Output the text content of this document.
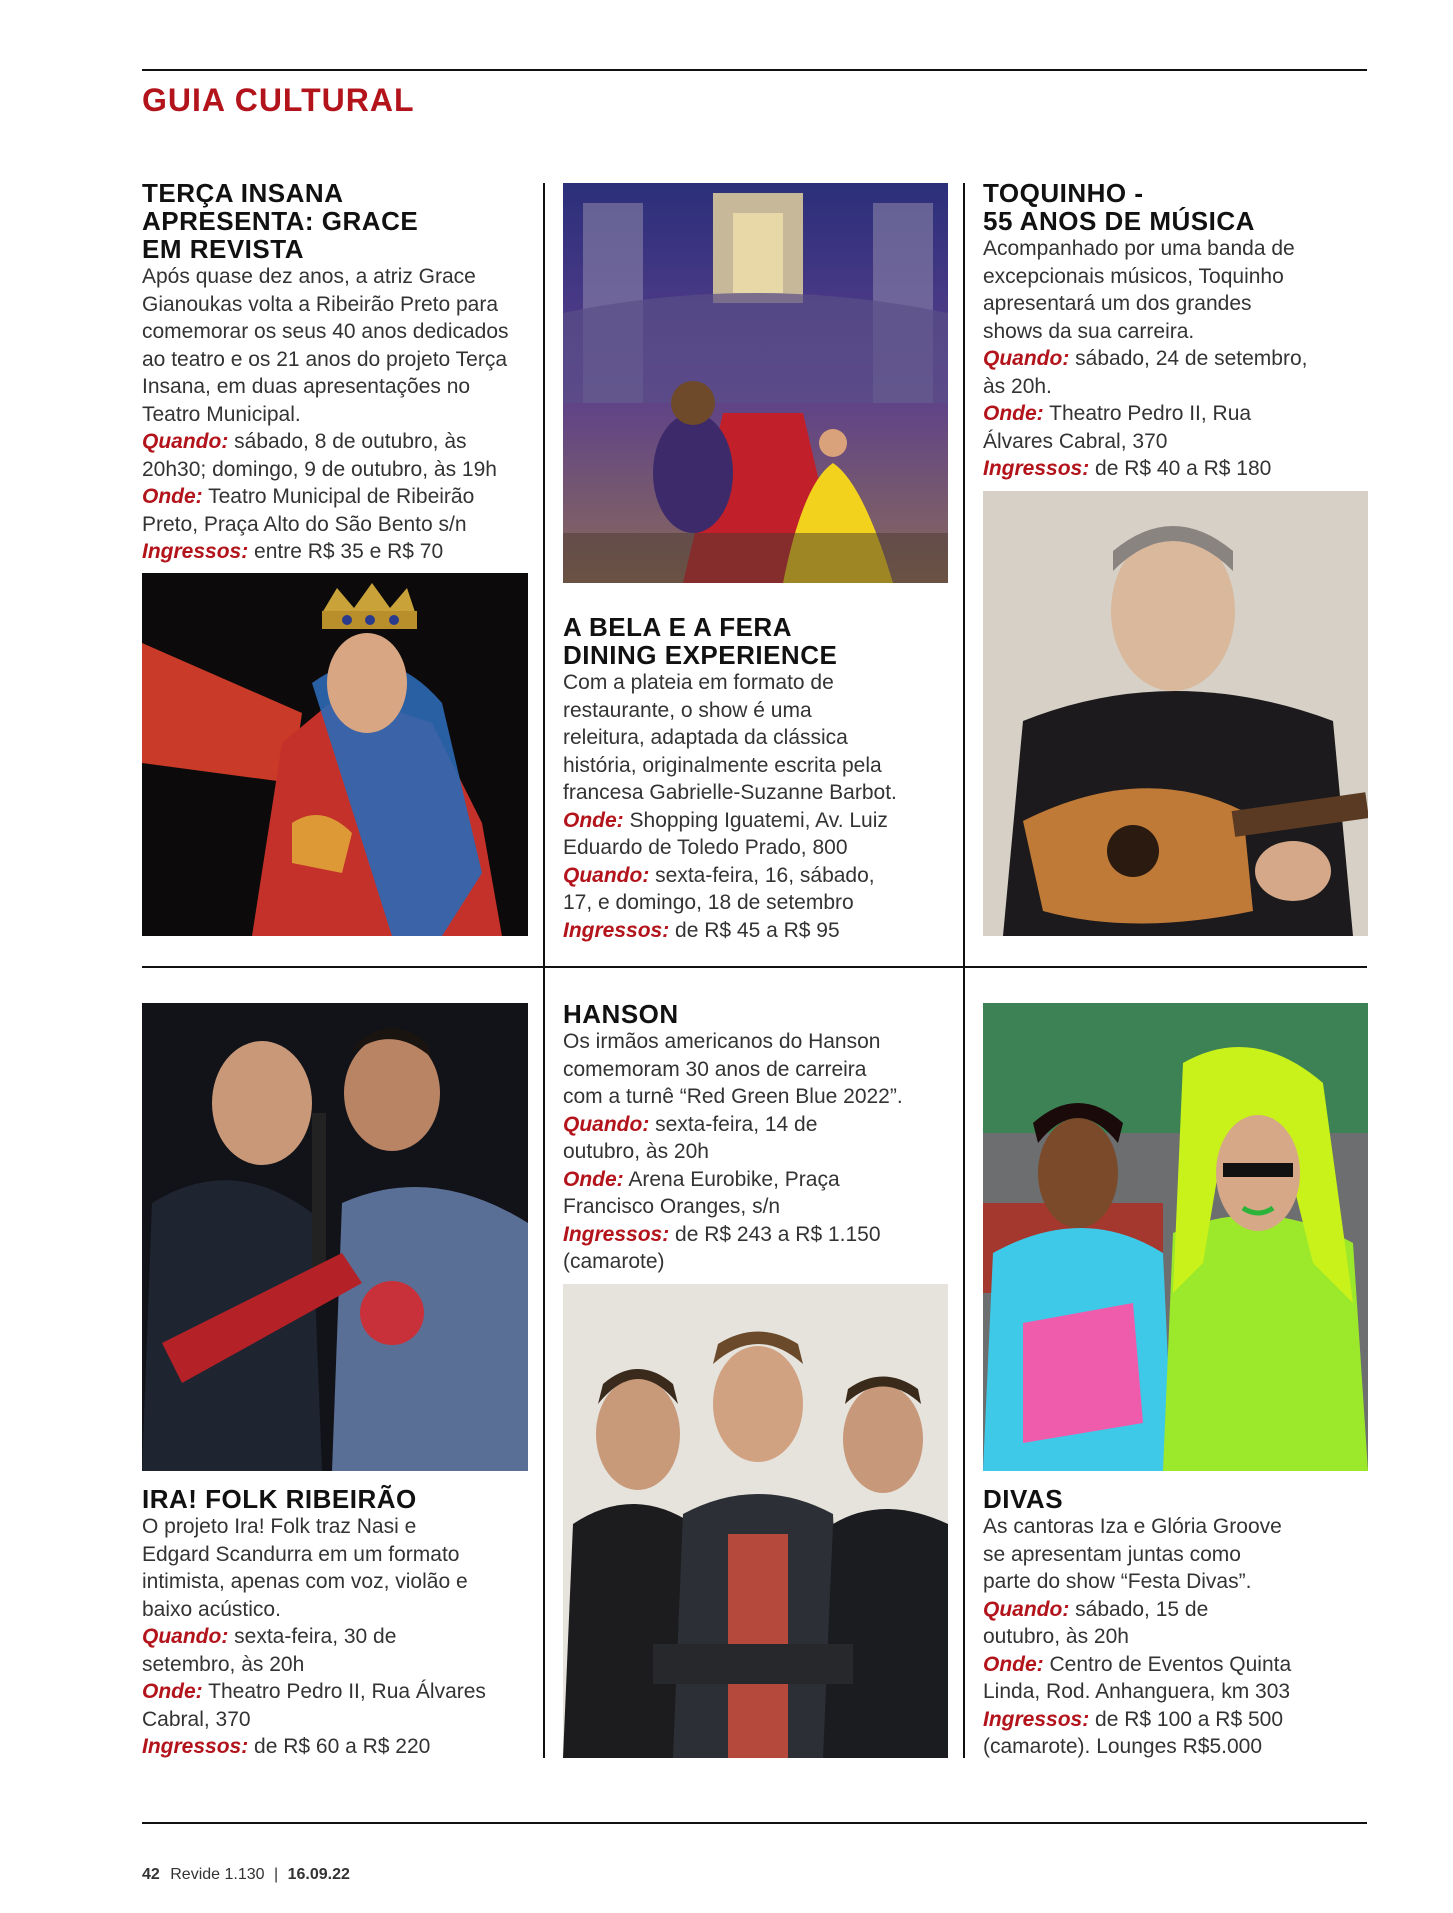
GUIA CULTURAL
TERÇA INSANA
APRESENTA: GRACE
EM REVISTA
Após quase dez anos, a atriz Grace
Gianoukas volta a Ribeirão Preto para
comemorar os seus 40 anos dedicados
ao teatro e os 21 anos do projeto Terça
Insana, em duas apresentações no
Teatro Municipal.
Quando: sábado, 8 de outubro, às
20h30; domingo, 9 de outubro, às 19h
Onde: Teatro Municipal de Ribeirão
Preto, Praça Alto do São Bento s/n
Ingressos: entre R$ 35 e R$ 70
A BELA E A FERA
DINING EXPERIENCE
Com a plateia em formato de
restaurante, o show é uma
releitura, adaptada da clássica
história, originalmente escrita pela
francesa Gabrielle-Suzanne Barbot.
Onde: Shopping Iguatemi, Av. Luiz
Eduardo de Toledo Prado, 800
Quando: sexta-feira, 16, sábado,
17, e domingo, 18 de setembro
Ingressos: de R$ 45 a R$ 95
TOQUINHO -
55 ANOS DE MÚSICA
Acompanhado por uma banda de
excepcionais músicos, Toquinho
apresentará um dos grandes
shows da sua carreira.
Quando: sábado, 24 de setembro,
às 20h.
Onde: Theatro Pedro II, Rua
Álvares Cabral, 370
Ingressos: de R$ 40 a R$ 180
IRA! FOLK RIBEIRÃO
O projeto Ira! Folk traz Nasi e
Edgard Scandurra em um formato
intimista, apenas com voz, violão e
baixo acústico.
Quando: sexta-feira, 30 de
setembro, às 20h
Onde: Theatro Pedro II, Rua Álvares
Cabral, 370
Ingressos: de R$ 60 a R$ 220
HANSON
Os irmãos americanos do Hanson
comemoram 30 anos de carreira
com a turnê “Red Green Blue 2022”.
Quando: sexta-feira, 14 de
outubro, às 20h
Onde: Arena Eurobike, Praça
Francisco Oranges, s/n
Ingressos: de R$ 243 a R$ 1.150
(camarote)
DIVAS
As cantoras Iza e Glória Groove
se apresentam juntas como
parte do show “Festa Divas”.
Quando: sábado, 15 de
outubro, às 20h
Onde: Centro de Eventos Quinta
Linda, Rod. Anhanguera, km 303
Ingressos: de R$ 100 a R$ 500
(camarote). Lounges R$5.000
42 Revide 1.130 | 16.09.22
